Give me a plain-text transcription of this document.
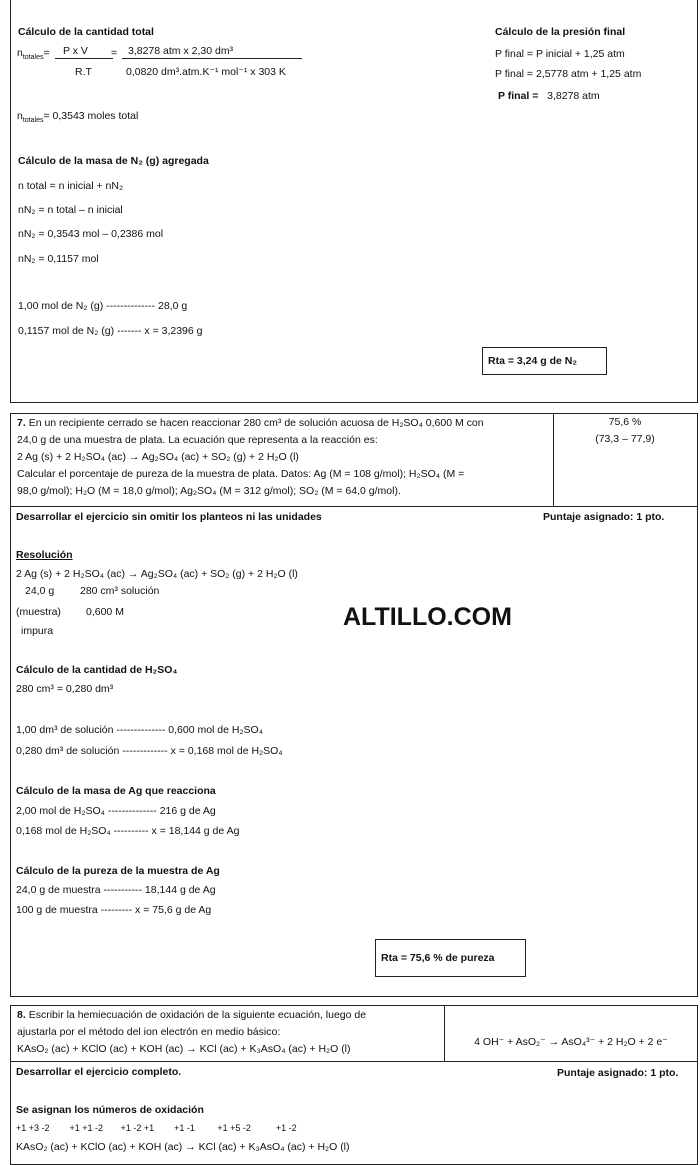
Cálculo de la cantidad total
$n_{totales}= P$ x V = 3,8278 atm x 2,30 dm³
R.T	0,0820 dm³.atm.K⁻¹ mol⁻¹ x 303 K
$n_{totales}= 0,3543$ moles total
Cálculo de la presión final
P final = P inicial + 1,25 atm
P final = 2,5778 atm + 1,25 atm
P final = 3,8278 atm
Cálculo de la masa de N₂ (g) agregada
n total = n inicial + nN₂
nN₂ = n total – n inicial
nN₂ = 0,3543 mol – 0,2386 mol
nN₂ = 0,1157 mol
1,00 mol de N₂ (g) -------------- 28,0 g
0,1157 mol de N₂ (g) ------- x = 3,2396 g
Rta = 3,24 g de N₂
7. En un recipiente cerrado se hacen reaccionar 280 cm³ de solución acuosa de H₂SO₄ 0,600 M con
24,0 g de una muestra de plata. La ecuación que representa a la reacción es:
2 Ag (s) + 2 H₂SO₄ (ac) → Ag₂SO₄ (ac) + SO₂ (g) + 2 H₂O (l)
Calcular el porcentaje de pureza de la muestra de plata. Datos: Ag (M = 108 g/mol); H₂SO₄ (M =
98,0 g/mol); H₂O (M = 18,0 g/mol); Ag₂SO₄ (M = 312 g/mol); SO₂ (M = 64,0 g/mol).
75,6 %
(73,3 – 77,9)
Desarrollar el ejercicio sin omitir los planteos ni las unidades	Puntaje asignado: 1 pto.
Resolución
2 Ag (s) + 2 H₂SO₄ (ac) → Ag₂SO₄ (ac) + SO₂ (g) + 2 H₂O (l)
24,0 g 280 cm³ solución
(muestra) 0,600 M
impura	ALTILLO.COM
Cálculo de la cantidad de H₂SO₄
280 cm³ = 0,280 dm³
1,00 dm³ de solución -------------- 0,600 mol de H₂SO₄
0,280 dm³ de solución ------------- x = 0,168 mol de H₂SO₄
Cálculo de la masa de Ag que reacciona
2,00 mol de H₂SO₄ -------------- 216 g de Ag
0,168 mol de H₂SO₄ ---------- x = 18,144 g de Ag
Cálculo de la pureza de la muestra de Ag
24,0 g de muestra ----------- 18,144 g de Ag
100 g de muestra --------- x = 75,6 g de Ag
Rta = 75,6 % de pureza
8. Escribir la hemiecuación de oxidación de la siguiente ecuación, luego de
ajustarla por el método del ion electrón en medio básico:
KAsO₂ (ac) + KClO (ac) + KOH (ac) → KCl (ac) + K₃AsO₄ (ac) + H₂O (l)
4 OH⁻ + AsO₂⁻ → AsO₄³⁻ + 2 H₂O + 2 e⁻
Desarrollar el ejercicio completo.	Puntaje asignado: 1 pto.
Se asignan los números de oxidación
+1 +3 -2        +1 +1 -2       +1 -2 +1        +1 -1         +1 +5 -2          +1 -2
KAsO₂ (ac) + KClO (ac) + KOH (ac) → KCl (ac) + K₃AsO₄ (ac) + H₂O (l)
